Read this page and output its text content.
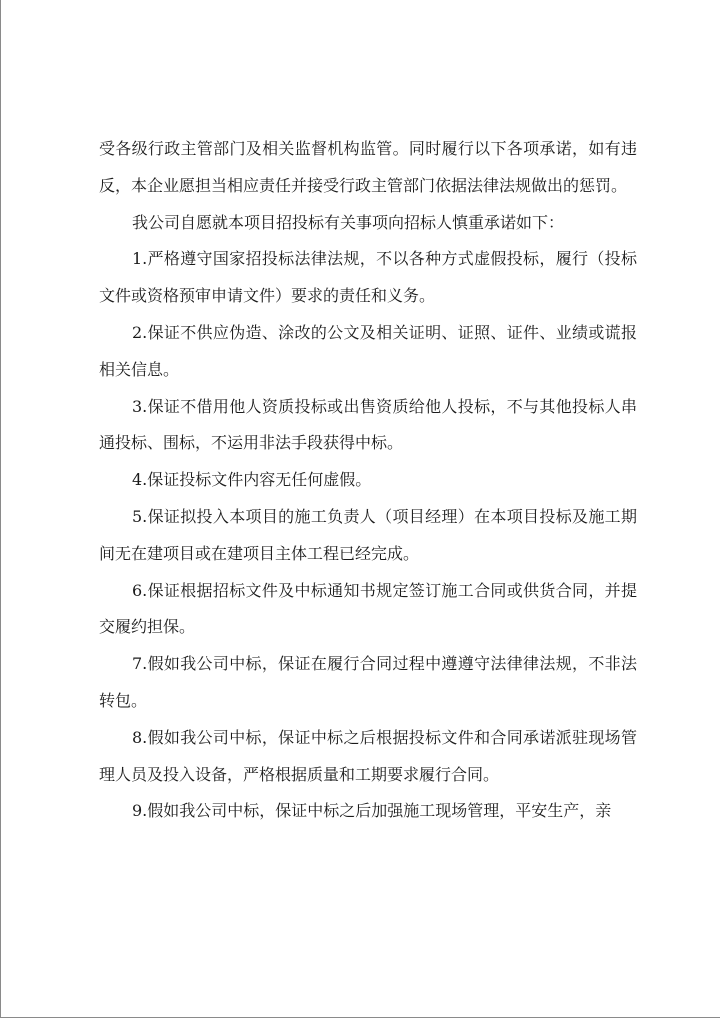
受各级行政主管部门及相关监督机构监管。同时履行以下各项承诺，如有违反，本企业愿担当相应责任并接受行政主管部门依据法律法规做出的惩罚。

我公司自愿就本项目招投标有关事项向招标人慎重承诺如下：

1.严格遵守国家招投标法律法规，不以各种方式虚假投标，履行（投标文件或资格预审申请文件）要求的责任和义务。

2.保证不供应伪造、涂改的公文及相关证明、证照、证件、业绩或谎报相关信息。

3.保证不借用他人资质投标或出售资质给他人投标，不与其他投标人串通投标、围标，不运用非法手段获得中标。

4.保证投标文件内容无任何虚假。

5.保证拟投入本项目的施工负责人（项目经理）在本项目投标及施工期间无在建项目或在建项目主体工程已经完成。

6.保证根据招标文件及中标通知书规定签订施工合同或供货合同，并提交履约担保。

7.假如我公司中标，保证在履行合同过程中遵遵守法律律法规，不非法转包。

8.假如我公司中标，保证中标之后根据投标文件和合同承诺派驻现场管理人员及投入设备，严格根据质量和工期要求履行合同。

9.假如我公司中标，保证中标之后加强施工现场管理，平安生产，亲
